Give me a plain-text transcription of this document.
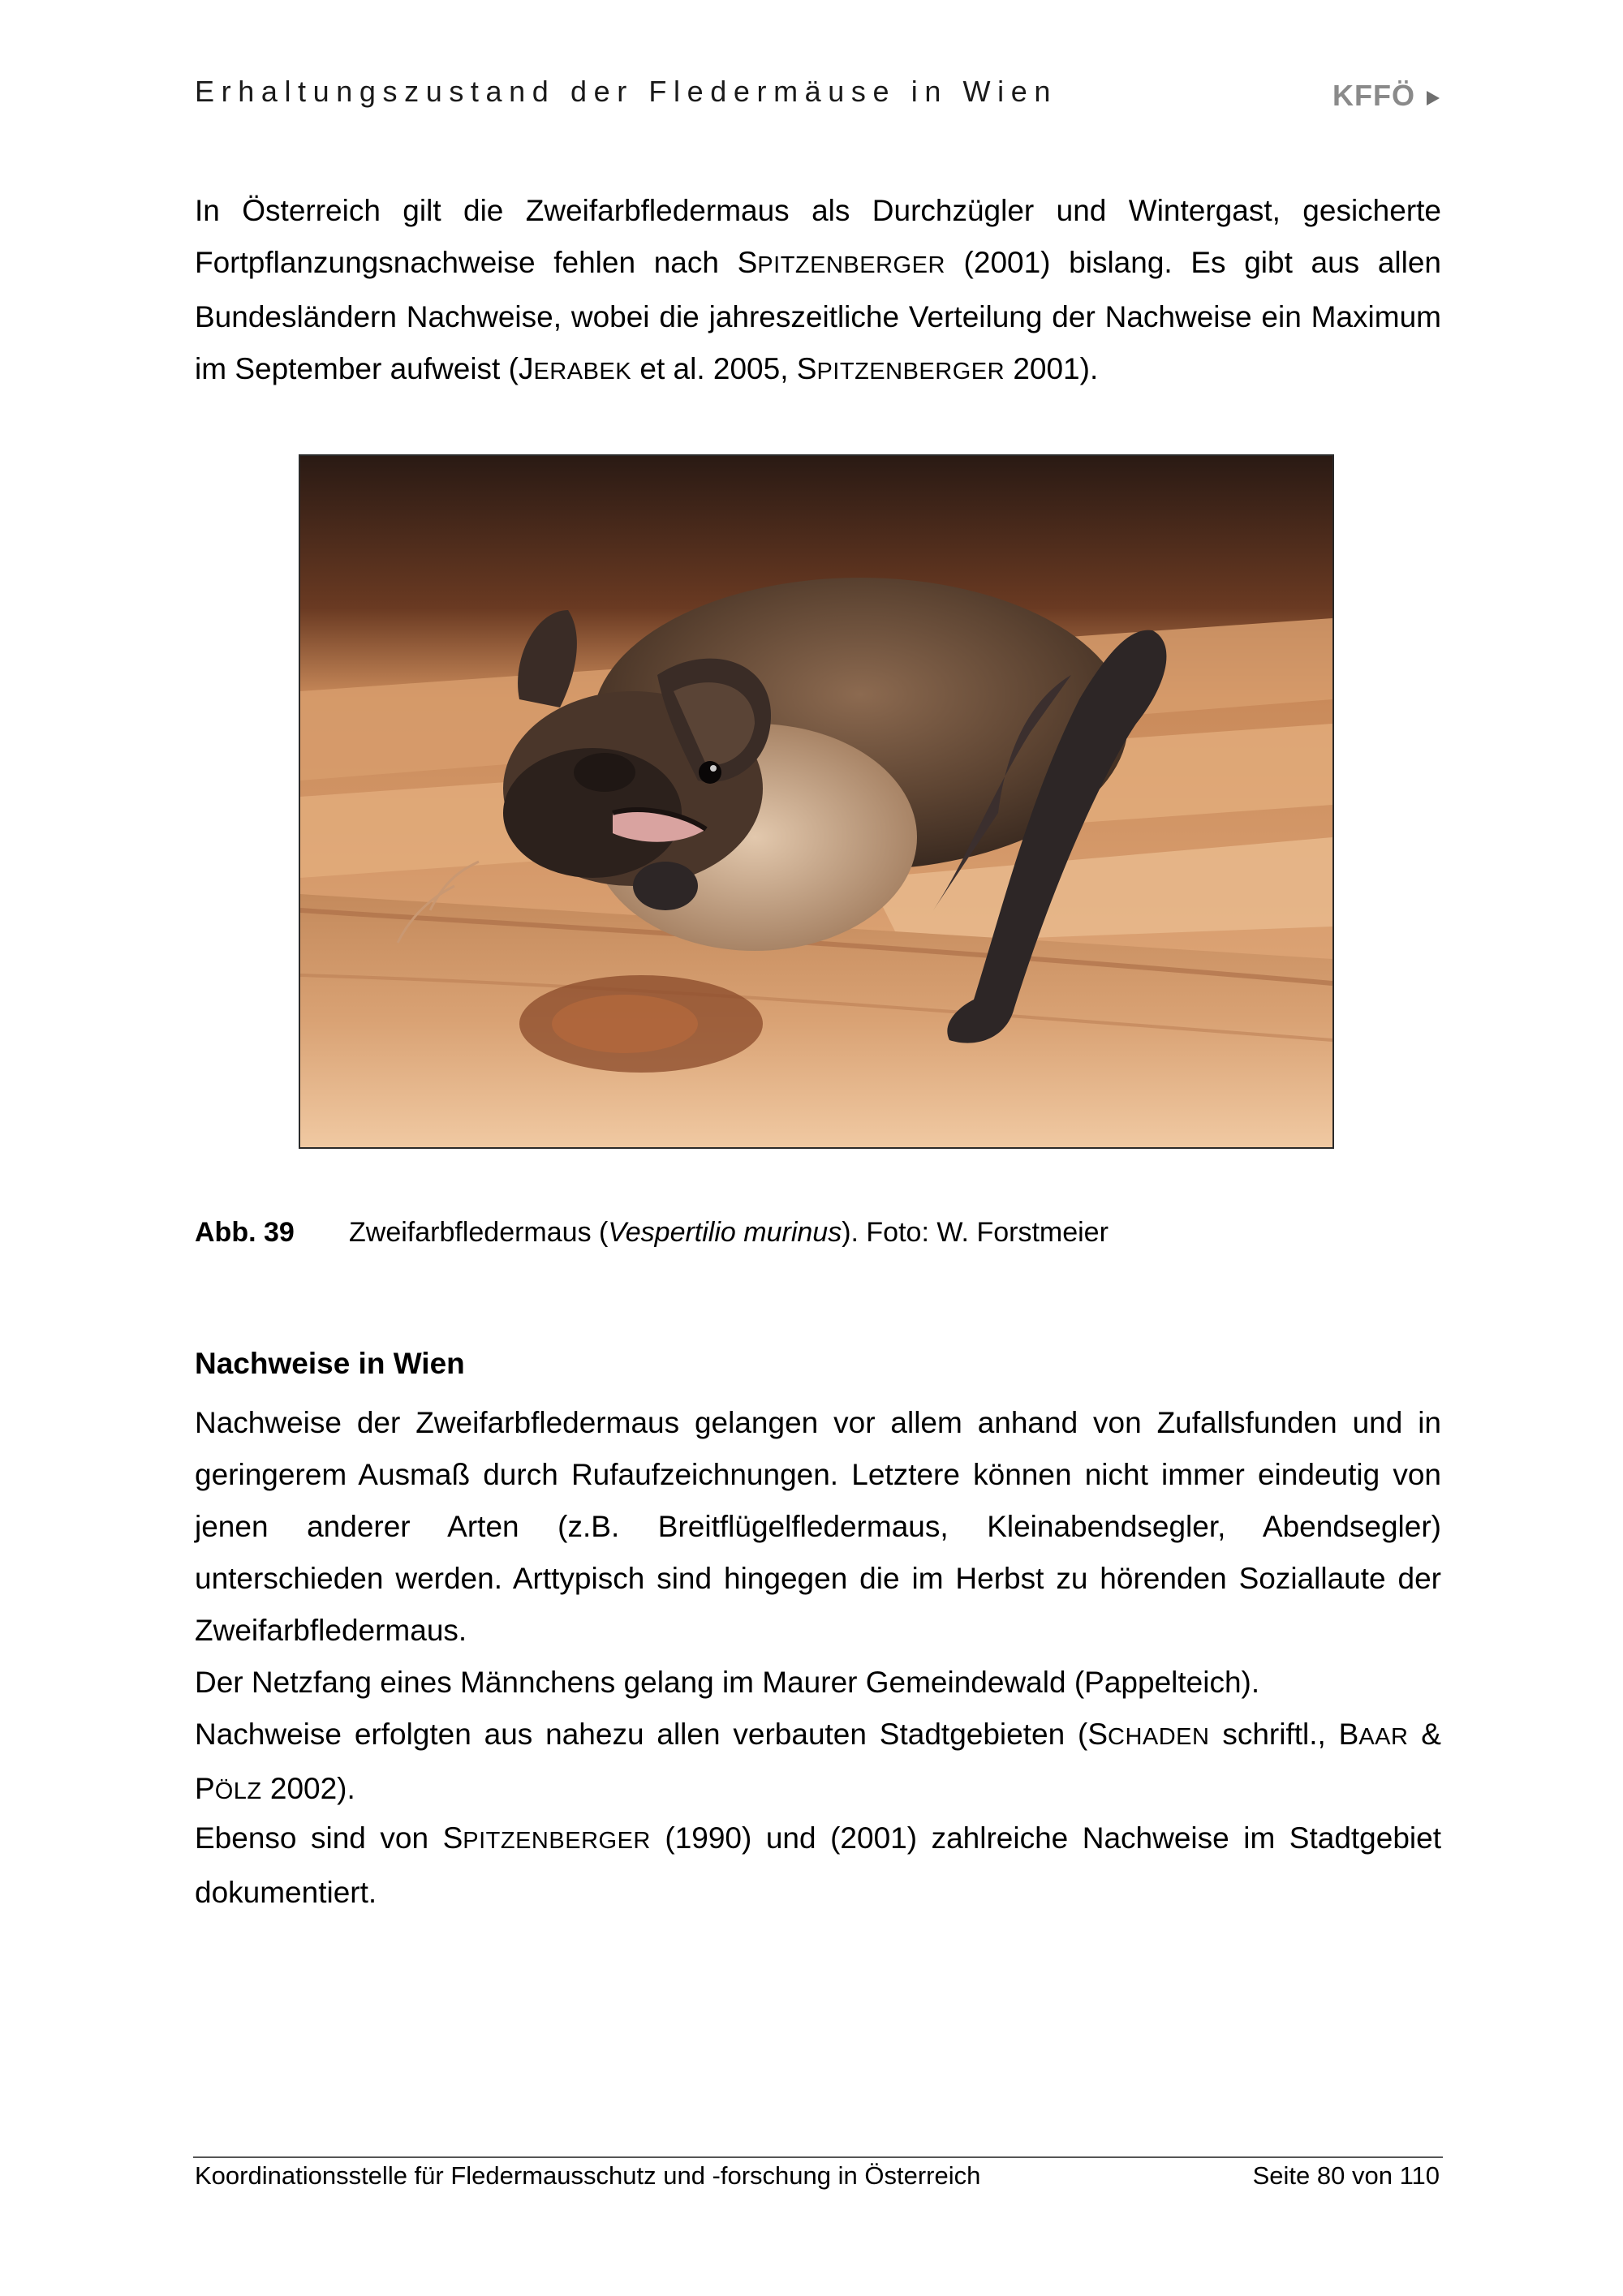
Erhaltungszustand der Fledermäuse in Wien	KFFÖ

In Österreich gilt die Zweifarbfledermaus als Durchzügler und Wintergast, gesicherte Fortpflanzungsnachweise fehlen nach SPITZENBERGER (2001) bislang. Es gibt aus allen Bundesländern Nachweise, wobei die jahreszeitliche Verteilung der Nachweise ein Maximum im September aufweist (JERABEK et al. 2005, SPITZENBERGER 2001).

Abb. 39 Zweifarbfledermaus (Vespertilio murinus). Foto: W. Forstmeier
Nachweise in Wien

Nachweise der Zweifarbfledermaus gelangen vor allem anhand von Zufallsfunden und in geringerem Ausmaß durch Rufaufzeichnungen. Letztere können nicht immer eindeutig von jenen anderer Arten (z.B. Breitflügelfledermaus, Kleinabendsegler, Abendsegler) unterschieden werden. Arttypisch sind hingegen die im Herbst zu hörenden Soziallaute der Zweifarbfledermaus.

Der Netzfang eines Männchens gelang im Maurer Gemeindewald (Pappelteich).

Nachweise erfolgten aus nahezu allen verbauten Stadtgebieten (SCHADEN schriftl., BAAR & PÖLZ 2002).

Ebenso sind von SPITZENBERGER (1990) und (2001) zahlreiche Nachweise im Stadtgebiet dokumentiert.

Koordinationsstelle für Fledermausschutz und -forschung in Österreich	Seite 80 von 110
